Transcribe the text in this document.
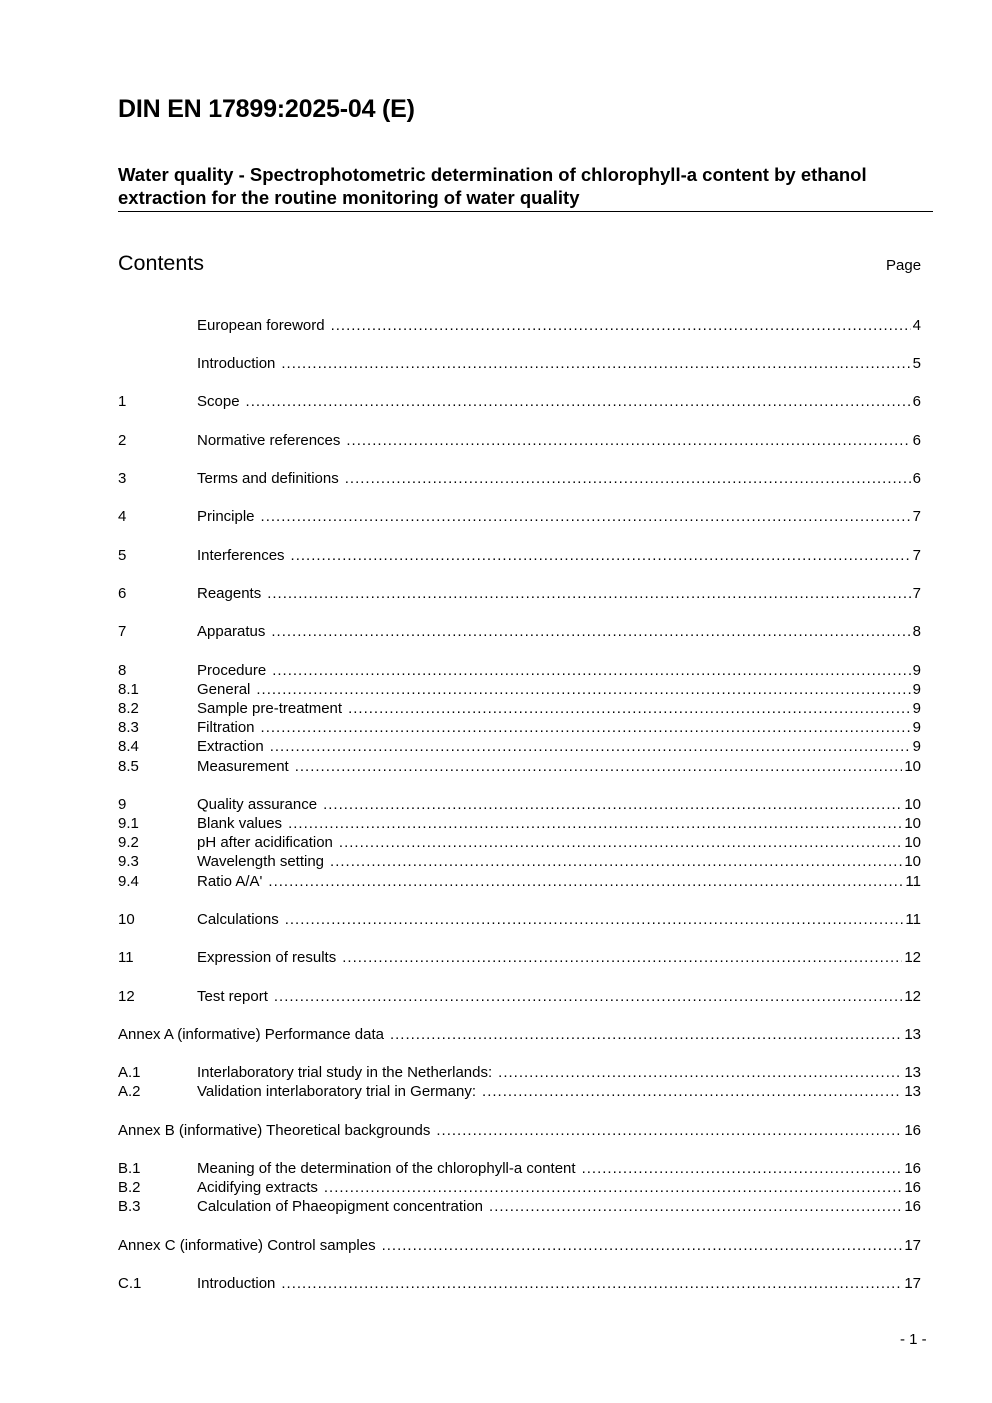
DIN EN 17899:2025-04 (E)
Water quality - Spectrophotometric determination of chlorophyll-a content by ethanol extraction for the routine monitoring of water quality
Contents	Page
European foreword .....	4
Introduction .....	5
1	Scope .....	6
2	Normative references .....	6
3	Terms and definitions .....	6
4	Principle .....	7
5	Interferences .....	7
6	Reagents .....	7
7	Apparatus .....	8
8	Procedure .....	9
8.1	General .....	9
8.2	Sample pre-treatment .....	9
8.3	Filtration .....	9
8.4	Extraction .....	9
8.5	Measurement .....	10
9	Quality assurance .....	10
9.1	Blank values .....	10
9.2	pH after acidification .....	10
9.3	Wavelength setting .....	10
9.4	Ratio A/A' .....	11
10	Calculations .....	11
11	Expression of results .....	12
12	Test report .....	12
Annex A (informative) Performance data .....	13
A.1	Interlaboratory trial study in the Netherlands: .....	13
A.2	Validation interlaboratory trial in Germany: .....	13
Annex B (informative) Theoretical backgrounds .....	16
B.1	Meaning of the determination of the chlorophyll-a content .....	16
B.2	Acidifying extracts .....	16
B.3	Calculation of Phaeopigment concentration .....	16
Annex C (informative) Control samples .....	17
C.1	Introduction .....	17
- 1 -
